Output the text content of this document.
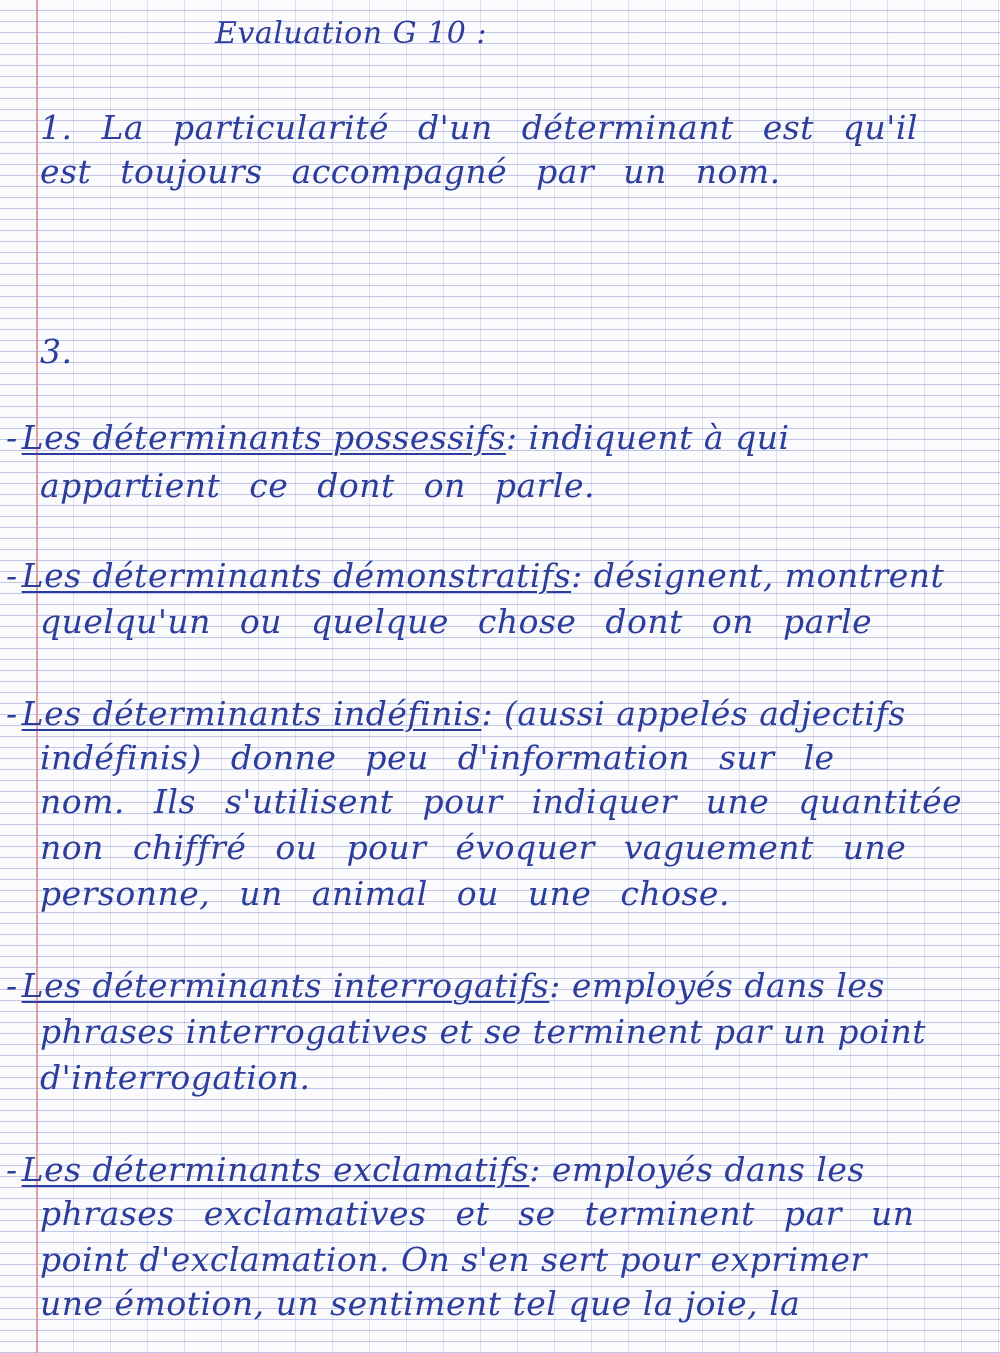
Evaluation G 10 :
1. La particularité d'un déterminant est qu'il
est toujours accompagné par un nom.
3.
- Les déterminants possessifs: indiquent à qui
appartient ce dont on parle.
- Les déterminants démonstratifs: désignent, montrent
quelqu'un ou quelque chose dont on parle
- Les déterminants indéfinis: (aussi appelés adjectifs
indéfinis) donne peu d'information sur le
nom. Ils s'utilisent pour indiquer une quantitée
non chiffré ou pour évoquer vaguement une
personne, un animal ou une chose.
- Les déterminants interrogatifs: employés dans les
phrases interrogatives et se terminent par un point
d'interrogation.
- Les déterminants exclamatifs: employés dans les
phrases exclamatives et se terminent par un
point d'exclamation. On s'en sert pour exprimer
une émotion, un sentiment tel que la joie, la
